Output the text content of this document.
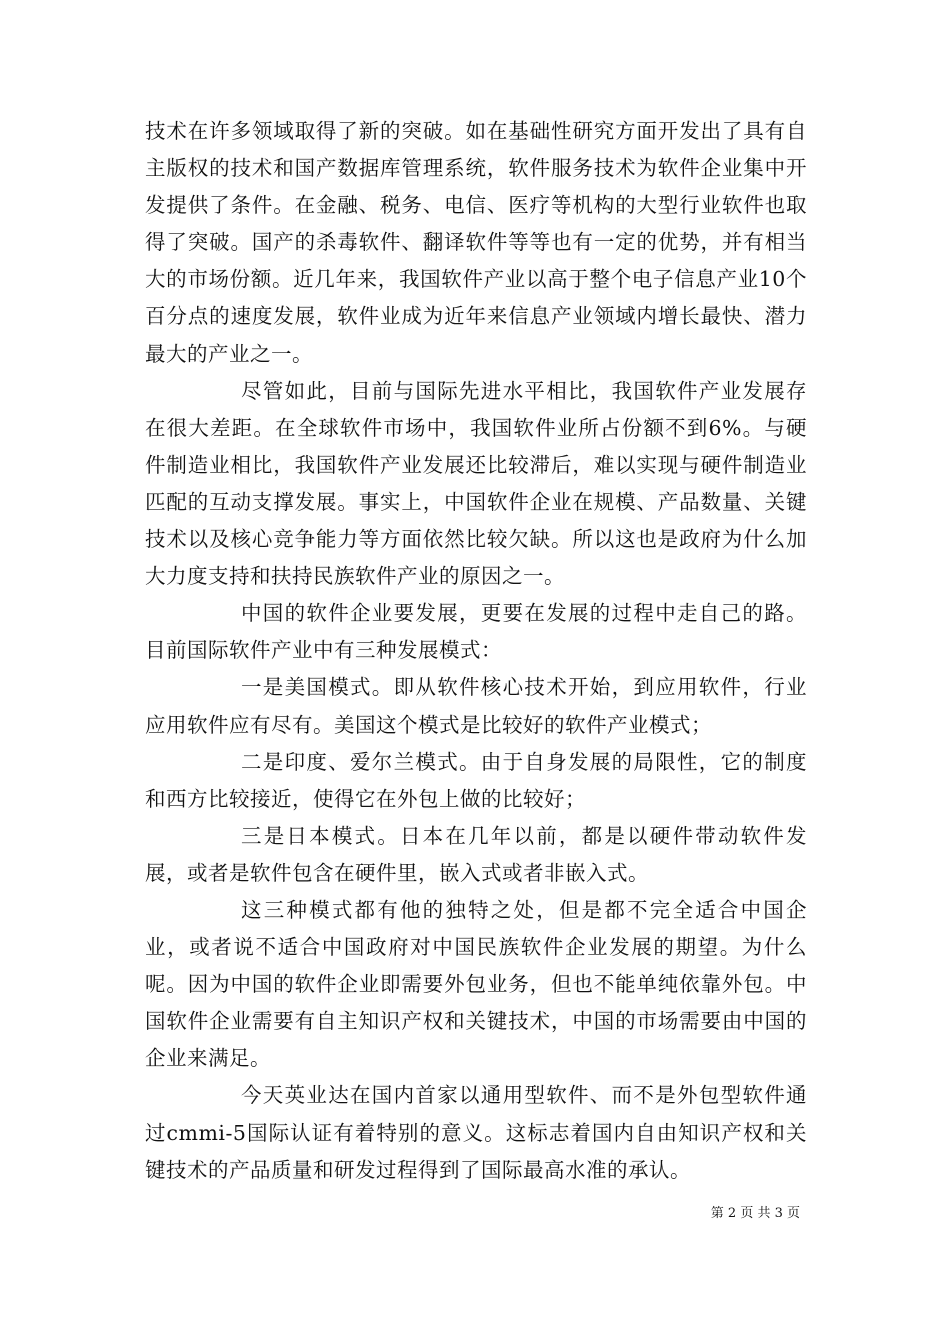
技术在许多领域取得了新的突破。如在基础性研究方面开发出了具有自主版权的技术和国产数据库管理系统，软件服务技术为软件企业集中开发提供了条件。在金融、税务、电信、医疗等机构的大型行业软件也取得了突破。国产的杀毒软件、翻译软件等等也有一定的优势，并有相当大的市场份额。近几年来，我国软件产业以高于整个电子信息产业10个百分点的速度发展，软件业成为近年来信息产业领域内增长最快、潜力最大的产业之一。

尽管如此，目前与国际先进水平相比，我国软件产业发展存在很大差距。在全球软件市场中，我国软件业所占份额不到6%。与硬件制造业相比，我国软件产业发展还比较滞后，难以实现与硬件制造业匹配的互动支撑发展。事实上，中国软件企业在规模、产品数量、关键技术以及核心竞争能力等方面依然比较欠缺。所以这也是政府为什么加大力度支持和扶持民族软件产业的原因之一。

中国的软件企业要发展，更要在发展的过程中走自己的路。目前国际软件产业中有三种发展模式：

一是美国模式。即从软件核心技术开始，到应用软件，行业应用软件应有尽有。美国这个模式是比较好的软件产业模式；

二是印度、爱尔兰模式。由于自身发展的局限性，它的制度和西方比较接近，使得它在外包上做的比较好；

三是日本模式。日本在几年以前，都是以硬件带动软件发展，或者是软件包含在硬件里，嵌入式或者非嵌入式。

这三种模式都有他的独特之处，但是都不完全适合中国企业，或者说不适合中国政府对中国民族软件企业发展的期望。为什么呢。因为中国的软件企业即需要外包业务，但也不能单纯依靠外包。中国软件企业需要有自主知识产权和关键技术，中国的市场需要由中国的企业来满足。

今天英业达在国内首家以通用型软件、而不是外包型软件通过cmmi-5国际认证有着特别的意义。这标志着国内自由知识产权和关键技术的产品质量和研发过程得到了国际最高水准的承认。

第 2 页 共 3 页
